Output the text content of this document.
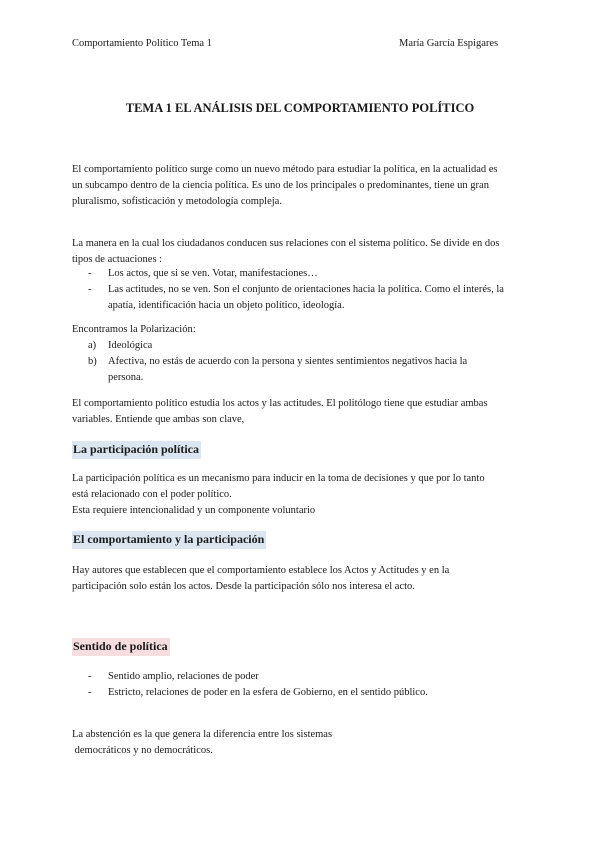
Comportamiento Político Tema 1	María García Espigares
TEMA 1 EL ANÁLISIS DEL COMPORTAMIENTO POLÍTICO
El comportamiento político surge como un nuevo método para estudiar la política, en la actualidad es
un subcampo dentro de la ciencia política. Es uno de los principales o predominantes, tiene un gran
pluralismo, sofisticación y metodología compleja.
La manera en la cual los ciudadanos conducen sus relaciones con el sistema político. Se divide en dos
tipos de actuaciones :
-	Los actos, que si se ven. Votar, manifestaciones…
-	Las actitudes, no se ven. Son el conjunto de orientaciones hacia la política. Como el interés, la
apatía, identificación hacia un objeto político, ideología.
Encontramos la Polarización:
a)	Ideológica
b)	Afectiva, no estás de acuerdo con la persona y sientes sentimientos negativos hacia la
persona.
El comportamiento político estudia los actos y las actitudes. El politólogo tiene que estudiar ambas
variables. Entiende que ambas son clave,
La participación política
La participación política es un mecanismo para inducir en la toma de decisiones y que por lo tanto
está relacionado con el poder político.
Esta requiere intencionalidad y un componente voluntario
El comportamiento y la participación
Hay autores que establecen que el comportamiento establece los Actos y Actitudes y en la
participación solo están los actos. Desde la participación sólo nos interesa el acto.
Sentido de política
-	Sentido amplio, relaciones de poder
-	Estricto, relaciones de poder en la esfera de Gobierno, en el sentido público.
La abstención es la que genera la diferencia entre los sistemas
democráticos y no democráticos.
